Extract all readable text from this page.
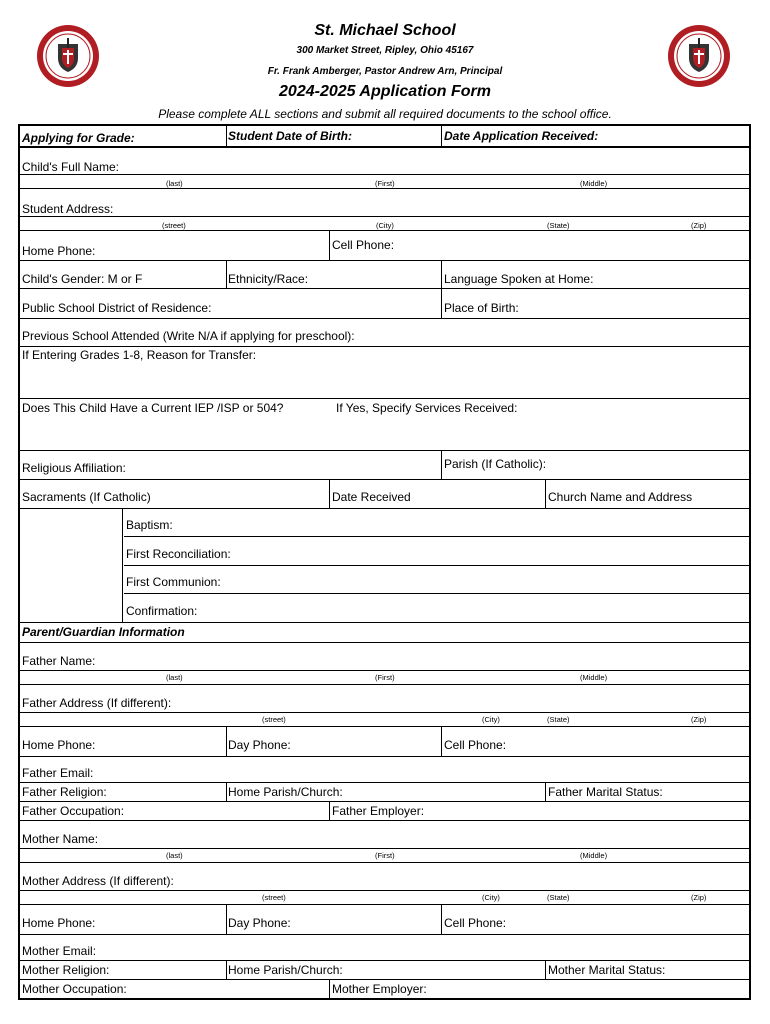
St. Michael School
300 Market Street, Ripley, Ohio 45167
Fr. Frank Amberger, Pastor Andrew Arn, Principal
2024-2025 Application Form
Please complete ALL sections and submit all required documents to the school office.
Applying for Grade:	Student Date of Birth:	Date Application Received:
Child's Full Name:
(last)	(First)	(Middle)
Student Address:
(street)	(City)	(State)	(Zip)
Home Phone:	Cell Phone:
Child's Gender: M or F	Ethnicity/Race:	Language Spoken at Home:
Public School District of Residence:	Place of Birth:
Previous School Attended (Write N/A if applying for preschool):
If Entering Grades 1-8, Reason for Transfer:
Does This Child Have a Current IEP /ISP or 504?	If Yes, Specify Services Received:
Religious Affiliation:	Parish (If Catholic):
Sacraments (If Catholic)	Date Received	Church Name and Address
Baptism:
First Reconciliation:
First Communion:
Confirmation:
Parent/Guardian Information
Father Name:
(last)	(First)	(Middle)
Father Address (If different):
(street)	(City)	(State)	(Zip)
Home Phone:	Day Phone:	Cell Phone:
Father Email:
Father Religion:	Home Parish/Church:	Father Marital Status:
Father Occupation:	Father Employer:
Mother Name:
(last)	(First)	(Middle)
Mother Address (If different):
(street)	(City)	(State)	(Zip)
Home Phone:	Day Phone:	Cell Phone:
Mother Email:
Mother Religion:	Home Parish/Church:	Mother Marital Status:
Mother Occupation:	Mother Employer:
